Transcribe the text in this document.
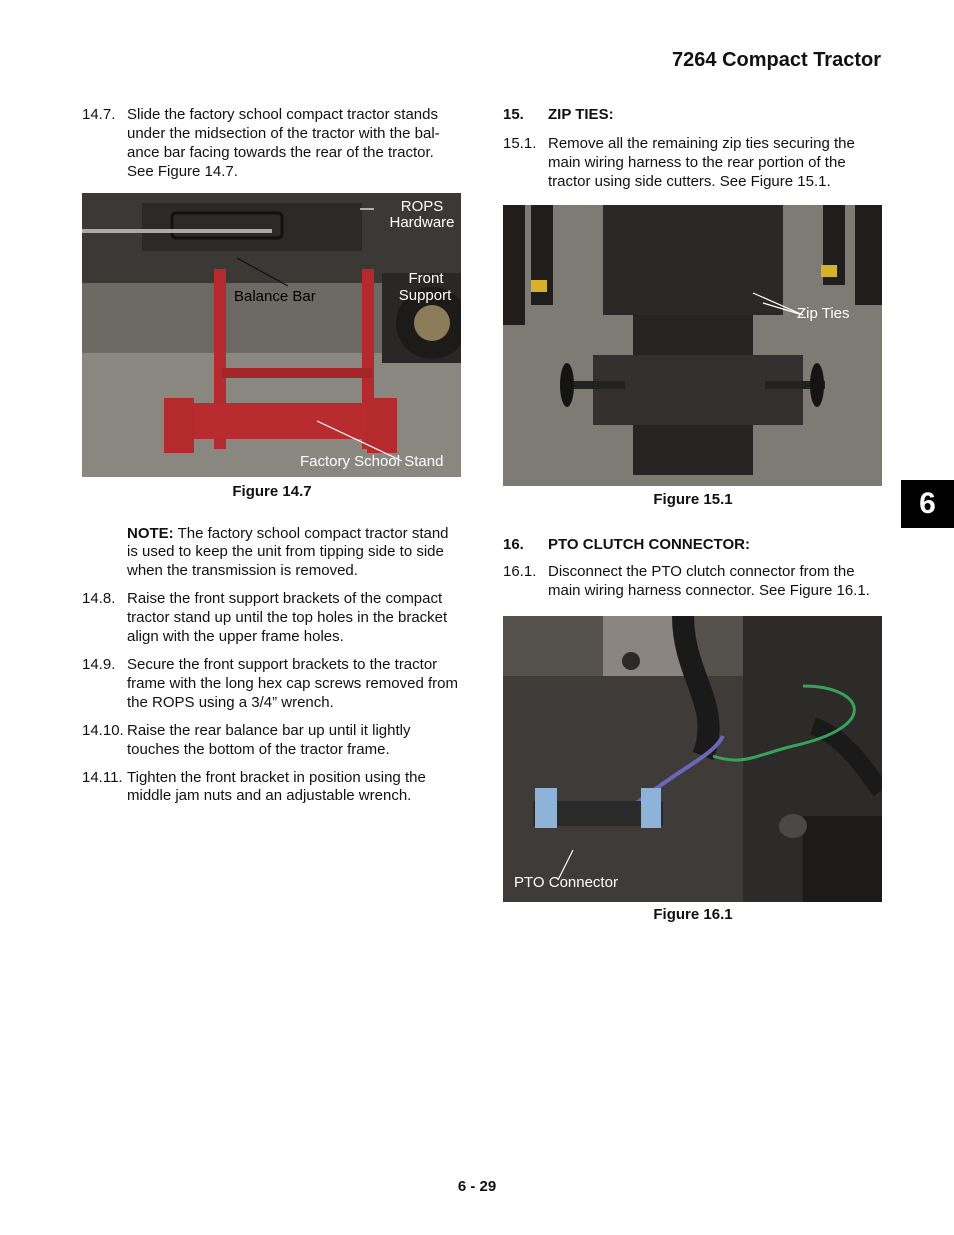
7264 Compact Tractor
14.7. Slide the factory school compact tractor stands under the midsection of the tractor with the bal-ance bar facing towards the rear of the tractor. See Figure 14.7.
ROPS
Hardware
Front
Support
Balance Bar
Factory School Stand
Figure 14.7
NOTE: The factory school compact tractor stand is used to keep the unit from tipping side to side when the transmission is removed.
14.8. Raise the front support brackets of the compact tractor stand up until the top holes in the bracket align with the upper frame holes.
14.9. Secure the front support brackets to the tractor frame with the long hex cap screws removed from the ROPS using a 3/4” wrench.
14.10. Raise the rear balance bar up until it lightly touches the bottom of the tractor frame.
14.11. Tighten the front bracket in position using the middle jam nuts and an adjustable wrench.
15. ZIP TIES:
15.1. Remove all the remaining zip ties securing the main wiring harness to the rear portion of the tractor using side cutters. See Figure 15.1.
Zip Ties
Figure 15.1
16. PTO CLUTCH CONNECTOR:
16.1. Disconnect the PTO clutch connector from the main wiring harness connector. See Figure 16.1.
PTO Connector
Figure 16.1
6
6 - 29
